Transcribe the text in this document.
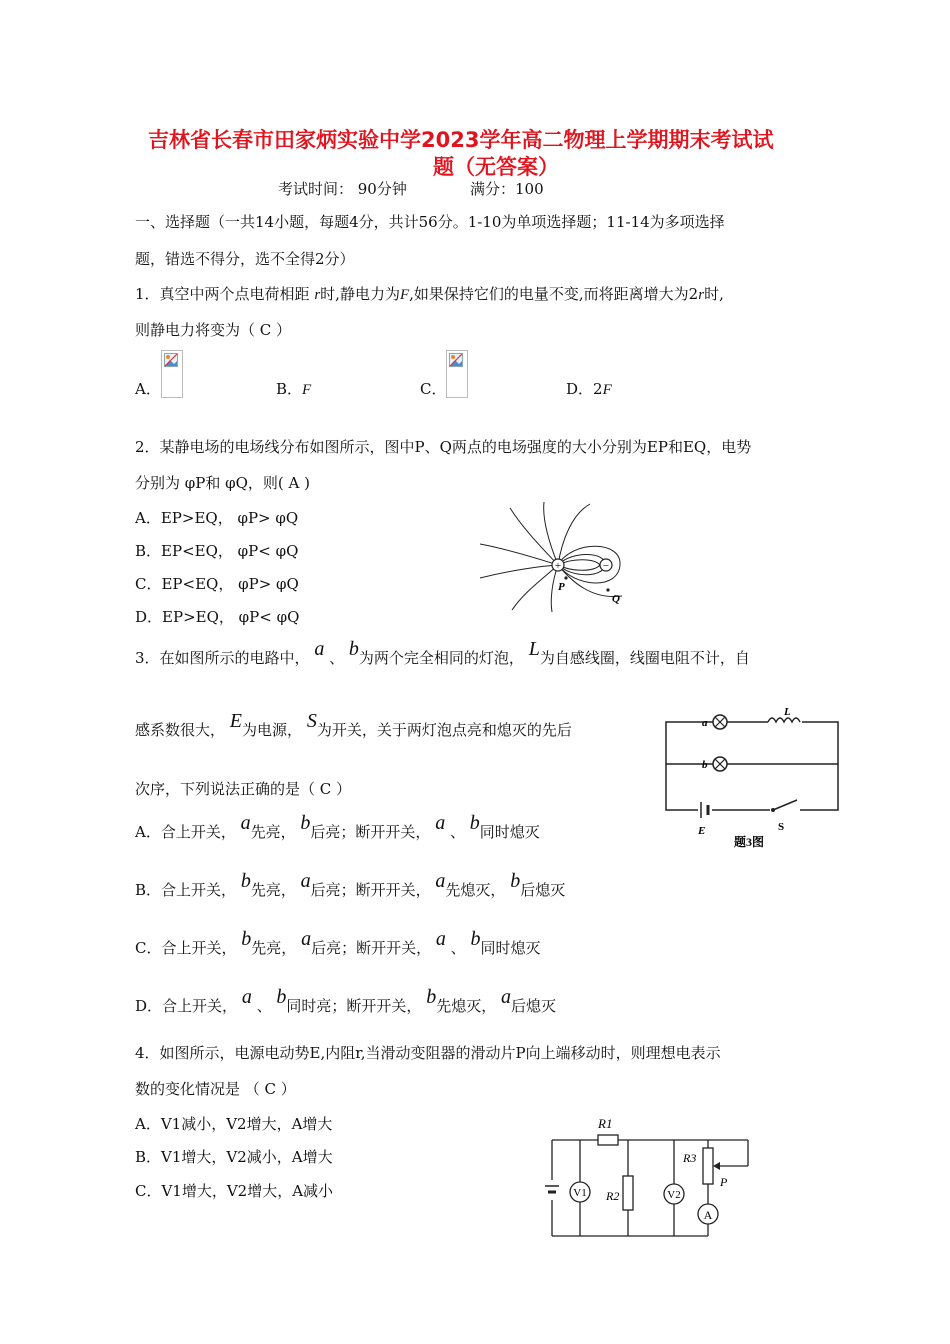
吉林省长春市田家炳实验中学2023学年高二物理上学期期末考试试
题（无答案）
考试时间： 90分钟	满分：100
一、选择题（一共14小题，每题4分，共计56分。1-10为单项选择题；11-14为多项选择
题，错选不得分，选不全得2分）
1．真空中两个点电荷相距 r时,静电力为F,如果保持它们的电量不变,而将距离增大为2r时,
则静电力将变为（ C ）
A．	B．F	C．	D．2F
2．某静电场的电场线分布如图所示，图中P、Q两点的电场强度的大小分别为EP和EQ，电势
分别为 φP和 φQ，则( A )
A．EP>EQ， φP> φQ
B．EP<EQ， φP< φQ
C．EP<EQ， φP> φQ
D．EP>EQ， φP< φQ
+	−
P
Q
3．在如图所示的电路中， a 、 b为两个完全相同的灯泡， L为自感线圈，线圈电阻不计，自
感系数很大， E为电源， S为开关，关于两灯泡点亮和熄灭的先后
次序，下列说法正确的是（ C ）
A．合上开关， a先亮， b后亮；断开开关， a 、 b同时熄灭
B．合上开关， b先亮， a后亮；断开开关， a先熄灭， b后熄灭
C．合上开关， b先亮， a后亮；断开开关， a 、 b同时熄灭
D．合上开关， a 、 b同时亮；断开开关， b先熄灭， a后熄灭
a
L
b
E	S
题3图
4．如图所示，电源电动势E,内阻r,当滑动变阻器的滑动片P向上端移动时，则理想电表示
数的变化情况是 （ C ）
A．V1减小，V2增大，A增大
B．V1增大，V2减小，A增大
C．V1增大，V2增大，A减小
R1
V1 R2	V2
R3
P
A
